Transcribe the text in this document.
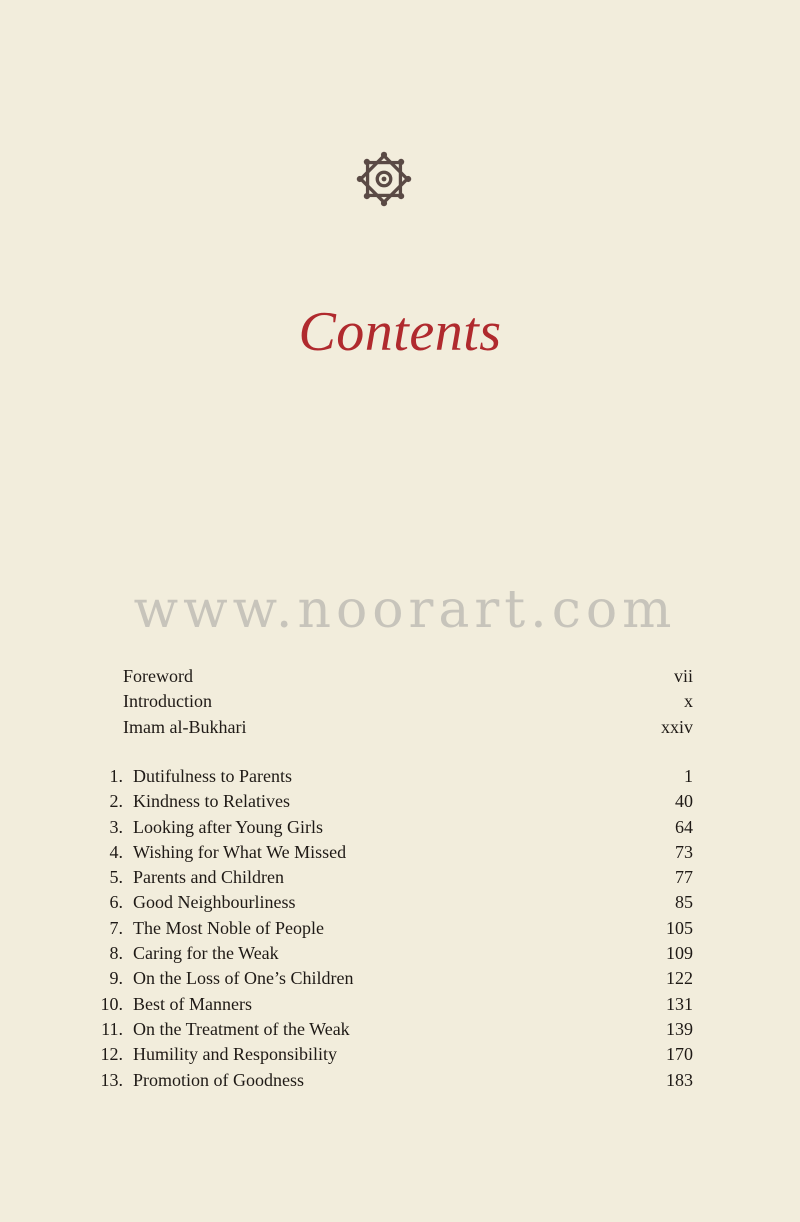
Contents
www.noorart.com
Foreword	vii
Introduction	x
Imam al-Bukhari	xxiv
1. Dutifulness to Parents	1
2. Kindness to Relatives	40
3. Looking after Young Girls	64
4. Wishing for What We Missed	73
5. Parents and Children	77
6. Good Neighbourliness	85
7. The Most Noble of People	105
8. Caring for the Weak	109
9. On the Loss of One’s Children	122
10. Best of Manners	131
11. On the Treatment of the Weak	139
12. Humility and Responsibility	170
13. Promotion of Goodness	183
